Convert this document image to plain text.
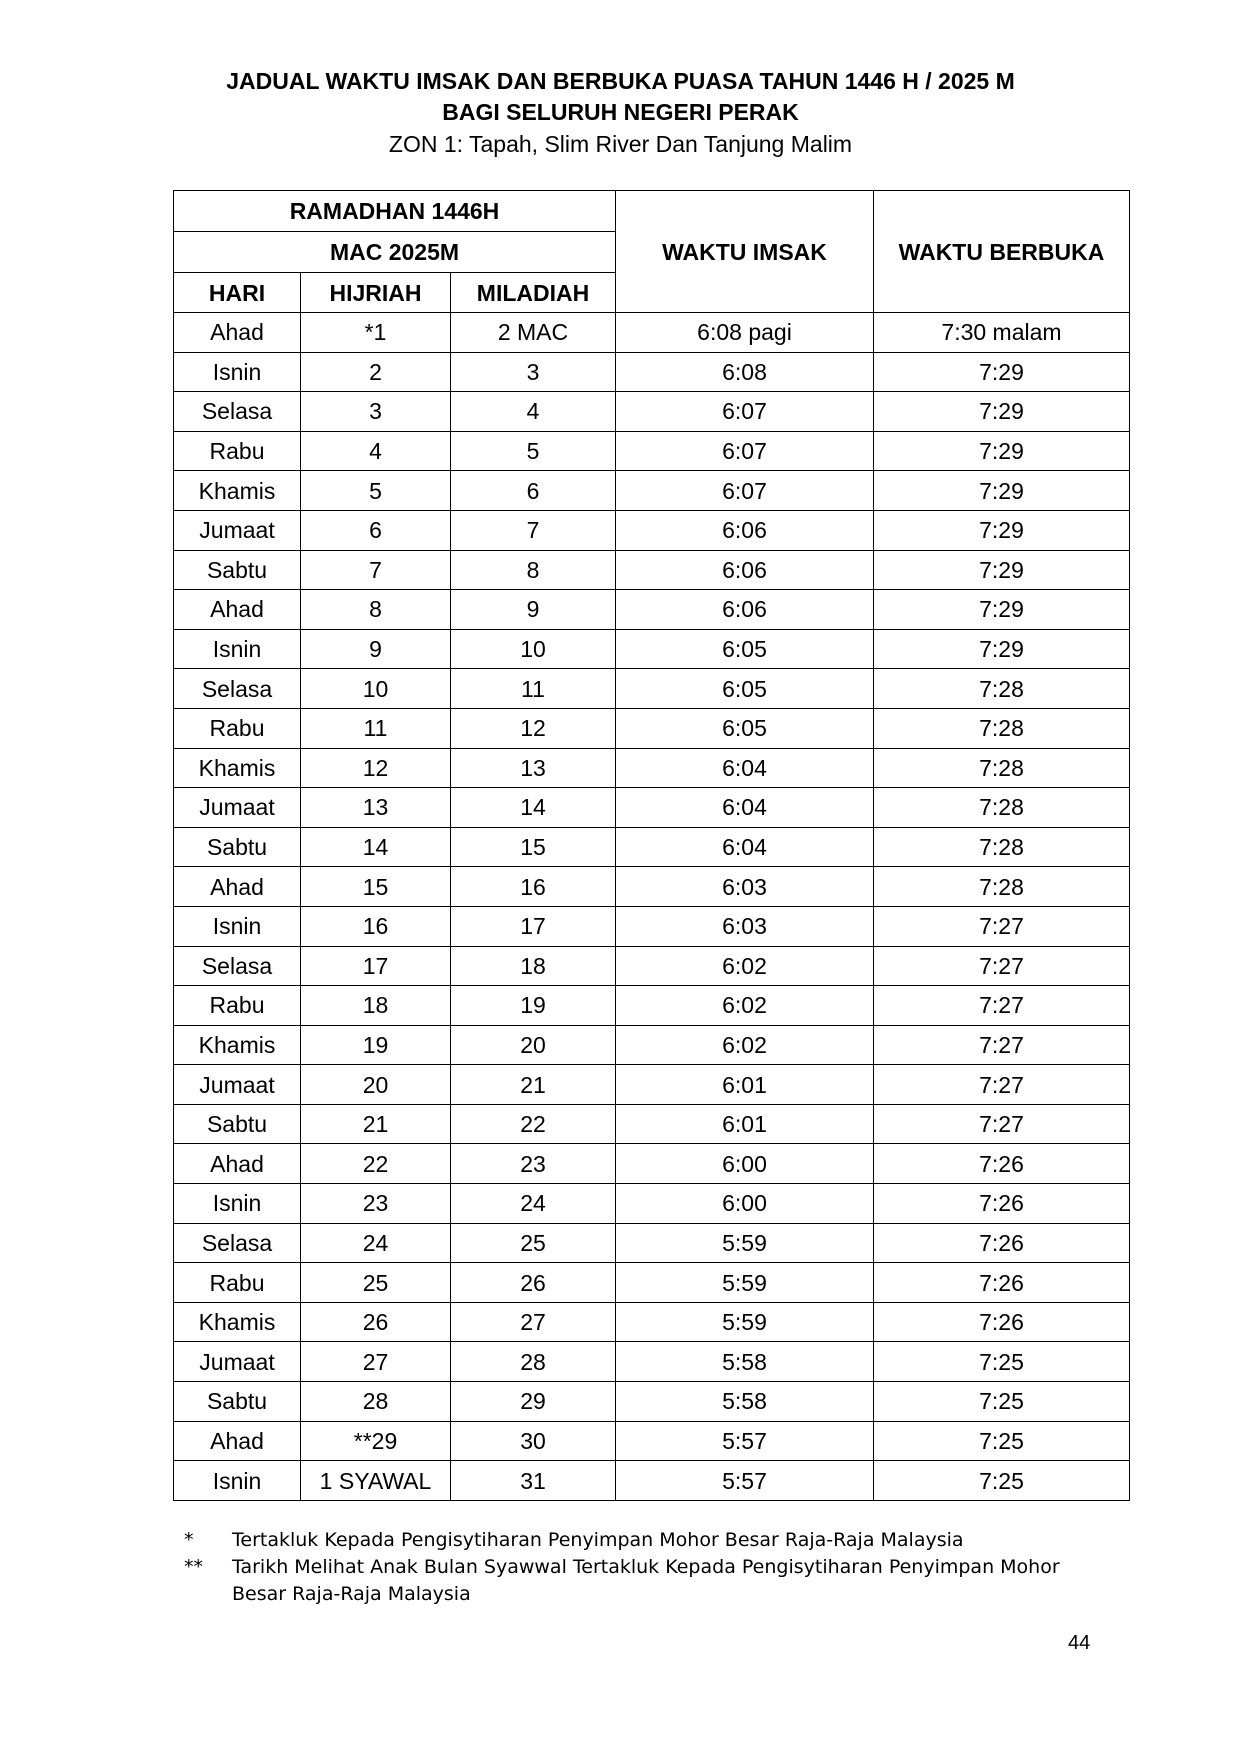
JADUAL WAKTU IMSAK DAN BERBUKA PUASA TAHUN 1446 H / 2025 M
BAGI SELURUH NEGERI PERAK
ZON 1: Tapah, Slim River Dan Tanjung Malim
RAMADHAN 1446H			WAKTU IMSAK	WAKTU BERBUKA
MAC 2025M				
HARI	HIJRIAH	MILADIAH		
Ahad	*1	2 MAC	6:08 pagi	7:30 malam
Isnin	2	3	6:08	7:29
Selasa	3	4	6:07	7:29
Rabu	4	5	6:07	7:29
Khamis	5	6	6:07	7:29
Jumaat	6	7	6:06	7:29
Sabtu	7	8	6:06	7:29
Ahad	8	9	6:06	7:29
Isnin	9	10	6:05	7:29
Selasa	10	11	6:05	7:28
Rabu	11	12	6:05	7:28
Khamis	12	13	6:04	7:28
Jumaat	13	14	6:04	7:28
Sabtu	14	15	6:04	7:28
Ahad	15	16	6:03	7:28
Isnin	16	17	6:03	7:27
Selasa	17	18	6:02	7:27
Rabu	18	19	6:02	7:27
Khamis	19	20	6:02	7:27
Jumaat	20	21	6:01	7:27
Sabtu	21	22	6:01	7:27
Ahad	22	23	6:00	7:26
Isnin	23	24	6:00	7:26
Selasa	24	25	5:59	7:26
Rabu	25	26	5:59	7:26
Khamis	26	27	5:59	7:26
Jumaat	27	28	5:58	7:25
Sabtu	28	29	5:58	7:25
Ahad	**29	30	5:57	7:25
Isnin	1 SYAWAL	31	5:57	7:25
*	Tertakluk Kepada Pengisytiharan Penyimpan Mohor Besar Raja-Raja Malaysia
**	Tarikh Melihat Anak Bulan Syawwal Tertakluk Kepada Pengisytiharan Penyimpan Mohor
Besar Raja-Raja Malaysia
44
